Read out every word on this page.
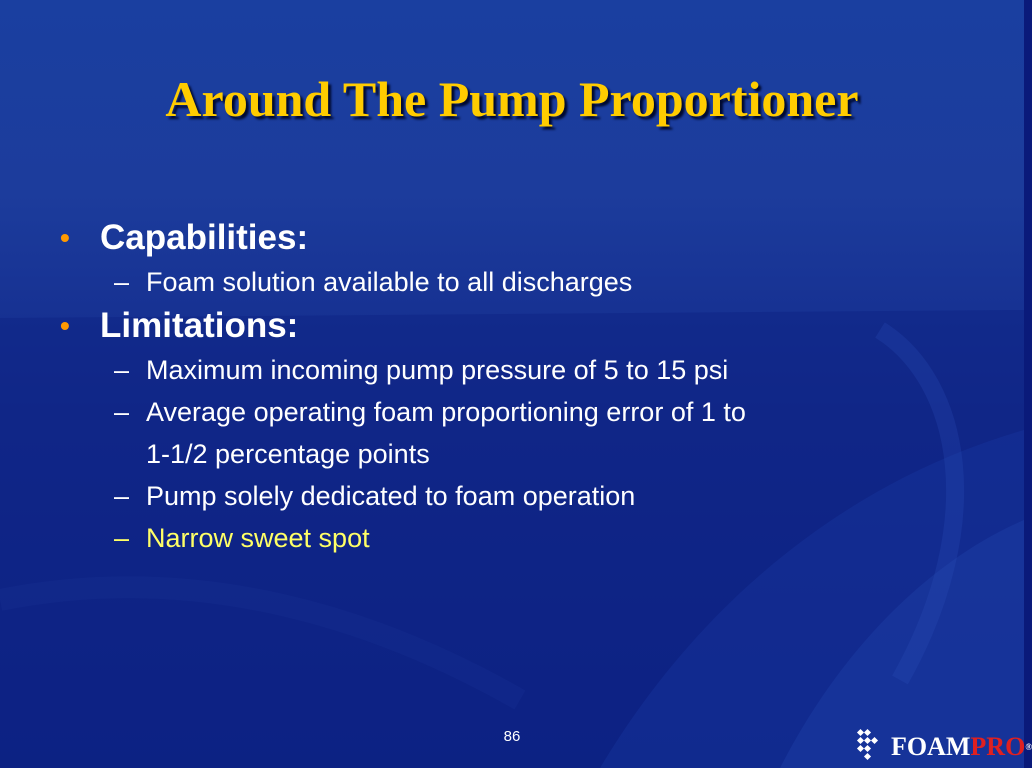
Around The Pump Proportioner

• Capabilities:

– Foam solution available to all discharges

• Limitations:

– Maximum incoming pump pressure of 5 to 15 psi

– Average operating foam proportioning error of 1 to
1-1/2 percentage points

– Pump solely dedicated to foam operation

– Narrow sweet spot

86	FOAMPRO®
